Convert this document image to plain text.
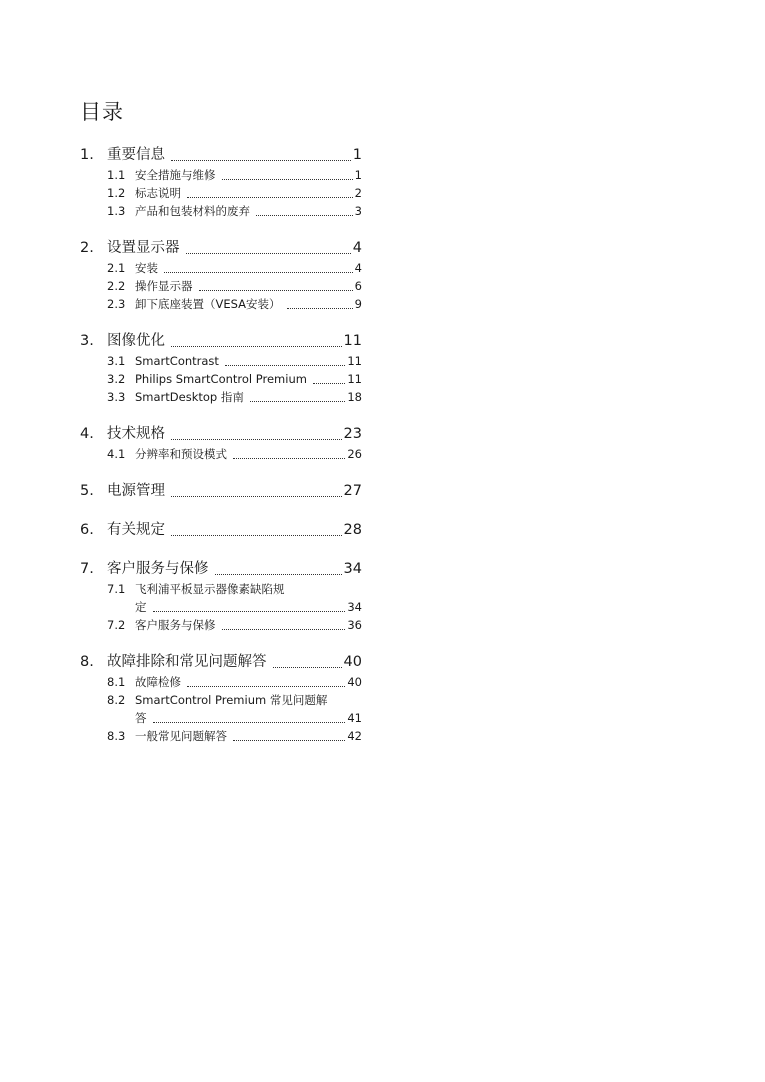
目录
1. 重要信息	1
1.1 安全措施与维修	1
1.2 标志说明	2
1.3 产品和包装材料的废弃	3
2. 设置显示器	4
2.1 安装	4
2.2 操作显示器	6
2.3 卸下底座装置（VESA安装）	9
3. 图像优化	11
3.1 SmartContrast	11
3.2 Philips SmartControl Premium	11
3.3 SmartDesktop 指南	18
4. 技术规格	23
4.1 分辨率和预设模式	26
5. 电源管理	27
6. 有关规定	28
7. 客户服务与保修	34
7.1 飞利浦平板显示器像素缺陷规
定	34
7.2 客户服务与保修	36
8. 故障排除和常见问题解答	40
8.1 故障检修	40
8.2 SmartControl Premium 常见问题解
答	41
8.3 一般常见问题解答	42
